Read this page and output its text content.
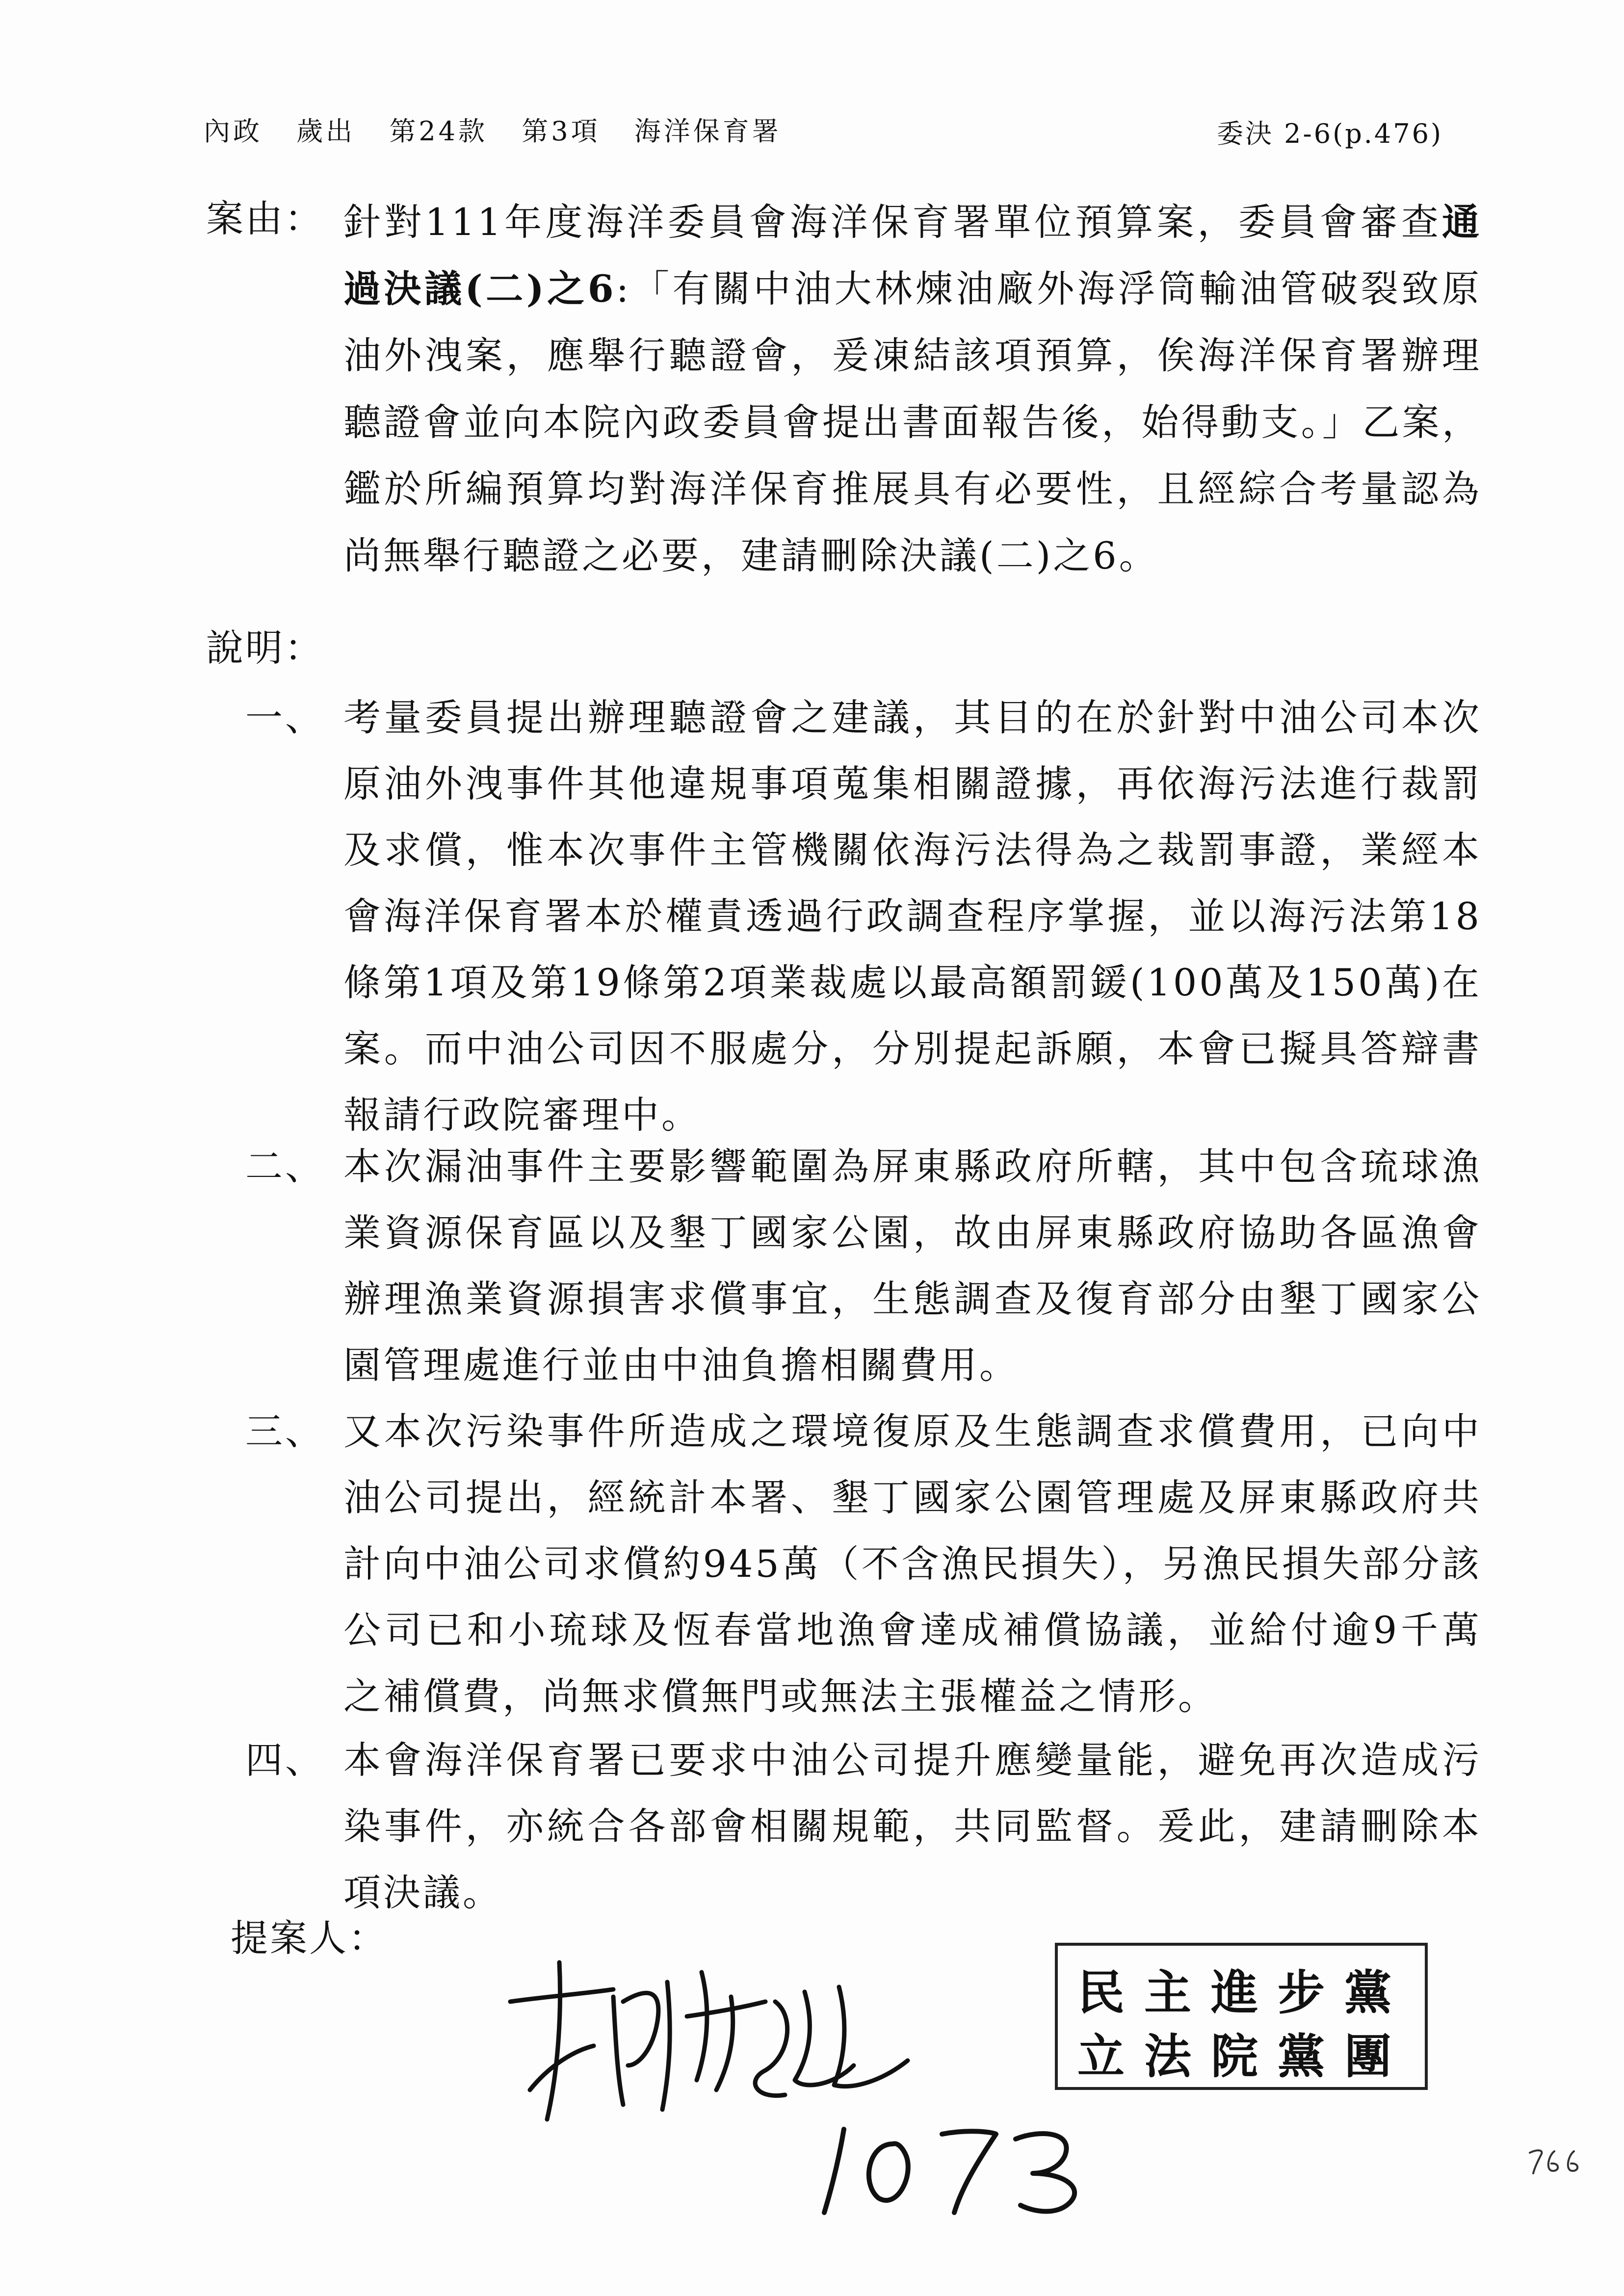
內政 歲出 第24款 第3項 海洋保育署	委決 2-6(p.476)
案由： 針對111年度海洋委員會海洋保育署單位預算案，委員會審查通過決議(二)之6:「有關中油大林煉油廠外海浮筒輸油管破裂致原油外洩案，應舉行聽證會，爰凍結該項預算，俟海洋保育署辦理聽證會並向本院內政委員會提出書面報告後，始得動支。」乙案，鑑於所編預算均對海洋保育推展具有必要性，且經綜合考量認為尚無舉行聽證之必要，建請刪除決議(二)之6。
說明：
一、 考量委員提出辦理聽證會之建議，其目的在於針對中油公司本次原油外洩事件其他違規事項蒐集相關證據，再依海污法進行裁罰及求償，惟本次事件主管機關依海污法得為之裁罰事證，業經本會海洋保育署本於權責透過行政調查程序掌握，並以海污法第18條第1項及第19條第2項業裁處以最高額罰鍰(100萬及150萬)在案。而中油公司因不服處分，分別提起訴願，本會已擬具答辯書報請行政院審理中。
二、 本次漏油事件主要影響範圍為屏東縣政府所轄，其中包含琉球漁業資源保育區以及墾丁國家公園，故由屏東縣政府協助各區漁會辦理漁業資源損害求償事宜，生態調查及復育部分由墾丁國家公園管理處進行並由中油負擔相關費用。
三、 又本次污染事件所造成之環境復原及生態調查求償費用，已向中油公司提出，經統計本署、墾丁國家公園管理處及屏東縣政府共計向中油公司求償約945萬（不含漁民損失），另漁民損失部分該公司已和小琉球及恆春當地漁會達成補償協議，並給付逾9千萬之補償費，尚無求償無門或無法主張權益之情形。
四、 本會海洋保育署已要求中油公司提升應變量能，避免再次造成污染事件，亦統合各部會相關規範，共同監督。爰此，建請刪除本項決議。
提案人：
民主進步黨
立法院黨團
